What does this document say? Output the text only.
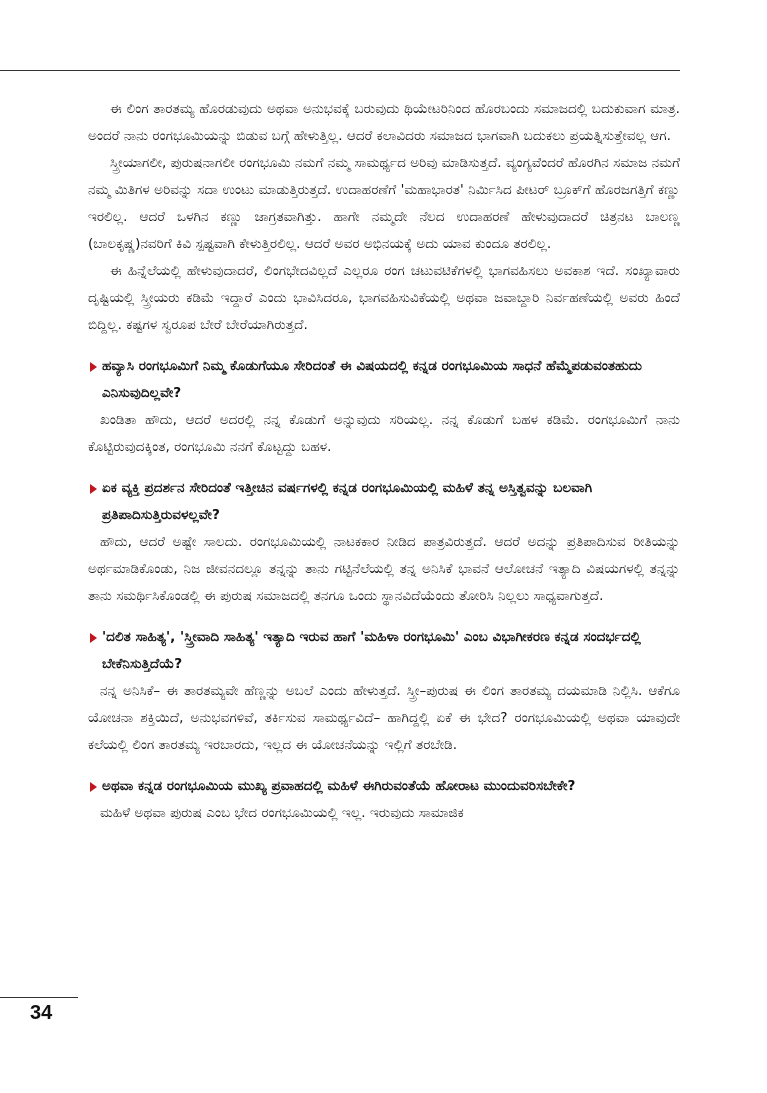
ಈ ಲಿಂಗ ತಾರತಮ್ಯ ಹೊರಡುವುದು ಅಥವಾ ಅನುಭವಕ್ಕೆ ಬರುವುದು ಥಿಯೇಟರಿನಿಂದ ಹೊರಬಂದು ಸಮಾಜದಲ್ಲಿ ಬದುಕುವಾಗ ಮಾತ್ರ. ಅಂದರೆ ನಾನು ರಂಗಭೂಮಿಯನ್ನು ಬಿಡುವ ಬಗ್ಗೆ ಹೇಳುತ್ತಿಲ್ಲ. ಆದರೆ ಕಲಾವಿದರು ಸಮಾಜದ ಭಾಗವಾಗಿ ಬದುಕಲು ಪ್ರಯತ್ನಿಸುತ್ತೇವಲ್ಲ ಆಗ.

ಸ್ತ್ರೀಯಾಗಲೀ, ಪುರುಷನಾಗಲೀ ರಂಗಭೂಮಿ ನಮಗೆ ನಮ್ಮ ಸಾಮರ್ಥ್ಯದ ಅರಿವು ಮಾಡಿಸುತ್ತದೆ. ವ್ಯಂಗ್ಯವೆಂದರೆ ಹೊರಗಿನ ಸಮಾಜ ನಮಗೆ ನಮ್ಮ ಮಿತಿಗಳ ಅರಿವನ್ನು ಸದಾ ಉಂಟು ಮಾಡುತ್ತಿರುತ್ತದೆ. ಉದಾಹರಣೆಗೆ 'ಮಹಾಭಾರತ' ನಿರ್ಮಿಸಿದ ಪೀಟರ್ ಬ್ರೂಕ್‌ಗೆ ಹೊರಜಗತ್ತಿಗೆ ಕಣ್ಣು ಇರಲಿಲ್ಲ. ಆದರೆ ಒಳಗಿನ ಕಣ್ಣು ಜಾಗ್ರತವಾಗಿತ್ತು. ಹಾಗೇ ನಮ್ಮದೇ ನೆಲದ ಉದಾಹರಣೆ ಹೇಳುವುದಾದರೆ ಚಿತ್ರನಟ ಬಾಲಣ್ಣ (ಬಾಲಕೃಷ್ಣ)ನವರಿಗೆ ಕಿವಿ ಸ್ಪಷ್ಟವಾಗಿ ಕೇಳುತ್ತಿರಲಿಲ್ಲ. ಆದರೆ ಅವರ ಅಭಿನಯಕ್ಕೆ ಅದು ಯಾವ ಕುಂದೂ ತರಲಿಲ್ಲ.

ಈ ಹಿನ್ನೆಲೆಯಲ್ಲಿ ಹೇಳುವುದಾದರೆ, ಲಿಂಗಭೇದವಿಲ್ಲದೆ ಎಲ್ಲರೂ ರಂಗ ಚಟುವಟಿಕೆಗಳಲ್ಲಿ ಭಾಗವಹಿಸಲು ಅವಕಾಶ ಇದೆ. ಸಂಖ್ಯಾವಾರು ದೃಷ್ಟಿಯಲ್ಲಿ ಸ್ತ್ರೀಯರು ಕಡಿಮೆ ಇದ್ದಾರೆ ಎಂದು ಭಾವಿಸಿದರೂ, ಭಾಗವಹಿಸುವಿಕೆಯಲ್ಲಿ ಅಥವಾ ಜವಾಬ್ದಾರಿ ನಿರ್ವಹಣೆಯಲ್ಲಿ ಅವರು ಹಿಂದೆ ಬಿದ್ದಿಲ್ಲ. ಕಷ್ಟಗಳ ಸ್ವರೂಪ ಬೇರೆ ಬೇರೆಯಾಗಿರುತ್ತದೆ.

ಹವ್ಯಾಸಿ ರಂಗಭೂಮಿಗೆ ನಿಮ್ಮ ಕೊಡುಗೆಯೂ ಸೇರಿದಂತೆ ಈ ವಿಷಯದಲ್ಲಿ ಕನ್ನಡ ರಂಗಭೂಮಿಯ ಸಾಧನೆ ಹೆಮ್ಮೆಪಡುವಂತಹುದು ಎನಿಸುವುದಿಲ್ಲವೇ?

ಖಂಡಿತಾ ಹೌದು, ಆದರೆ ಅದರಲ್ಲಿ ನನ್ನ ಕೊಡುಗೆ ಅನ್ನುವುದು ಸರಿಯಲ್ಲ. ನನ್ನ ಕೊಡುಗೆ ಬಹಳ ಕಡಿಮೆ. ರಂಗಭೂಮಿಗೆ ನಾನು ಕೊಟ್ಟಿರುವುದಕ್ಕಿಂತ, ರಂಗಭೂಮಿ ನನಗೆ ಕೊಟ್ಟದ್ದು ಬಹಳ.

ಏಕ ವ್ಯಕ್ತಿ ಪ್ರದರ್ಶನ ಸೇರಿದಂತೆ ಇತ್ತೀಚಿನ ವರ್ಷಗಳಲ್ಲಿ ಕನ್ನಡ ರಂಗಭೂಮಿಯಲ್ಲಿ ಮಹಿಳೆ ತನ್ನ ಅಸ್ತಿತ್ವವನ್ನು ಬಲವಾಗಿ ಪ್ರತಿಪಾದಿಸುತ್ತಿರುವಳಲ್ಲವೇ?

ಹೌದು, ಆದರೆ ಅಷ್ಟೇ ಸಾಲದು. ರಂಗಭೂಮಿಯಲ್ಲಿ ನಾಟಕಕಾರ ನೀಡಿದ ಪಾತ್ರವಿರುತ್ತದೆ. ಆದರೆ ಅದನ್ನು ಪ್ರತಿಪಾದಿಸುವ ರೀತಿಯನ್ನು ಅರ್ಥಮಾಡಿಕೊಂಡು, ನಿಜ ಜೀವನದಲ್ಲೂ ತನ್ನನ್ನು ತಾನು ಗಟ್ಟಿನೆಲೆಯಲ್ಲಿ ತನ್ನ ಅನಿಸಿಕೆ ಭಾವನೆ ಆಲೋಚನೆ ಇತ್ಯಾದಿ ವಿಷಯಗಳಲ್ಲಿ ತನ್ನನ್ನು ತಾನು ಸಮರ್ಥಿಸಿಕೊಂಡಲ್ಲಿ ಈ ಪುರುಷ ಸಮಾಜದಲ್ಲಿ ತನಗೂ ಒಂದು ಸ್ಥಾನವಿದೆಯೆಂದು ತೋರಿಸಿ ನಿಲ್ಲಲು ಸಾಧ್ಯವಾಗುತ್ತದೆ.

'ದಲಿತ ಸಾಹಿತ್ಯ', 'ಸ್ತ್ರೀವಾದಿ ಸಾಹಿತ್ಯ' ಇತ್ಯಾದಿ ಇರುವ ಹಾಗೆ 'ಮಹಿಳಾ ರಂಗಭೂಮಿ' ಎಂಬ ವಿಭಾಗೀಕರಣ ಕನ್ನಡ ಸಂದರ್ಭದಲ್ಲಿ ಬೇಕೆನಿಸುತ್ತಿದೆಯೆ?

ನನ್ನ ಅನಿಸಿಕೆ– ಈ ತಾರತಮ್ಯವೇ ಹೆಣ್ಣನ್ನು ಅಬಲೆ ಎಂದು ಹೇಳುತ್ತದೆ. ಸ್ತ್ರೀ–ಪುರುಷ ಈ ಲಿಂಗ ತಾರತಮ್ಯ ದಯಮಾಡಿ ನಿಲ್ಲಿಸಿ. ಆಕೆಗೂ ಯೋಚನಾ ಶಕ್ತಿಯಿದೆ, ಅನುಭವಗಳಿವೆ, ತರ್ಕಿಸುವ ಸಾಮರ್ಥ್ಯವಿದೆ– ಹಾಗಿದ್ದಲ್ಲಿ ಏಕೆ ಈ ಭೇದ? ರಂಗಭೂಮಿಯಲ್ಲಿ ಅಥವಾ ಯಾವುದೇ ಕಲೆಯಲ್ಲಿ ಲಿಂಗ ತಾರತಮ್ಯ ಇರಬಾರದು, ಇಲ್ಲದ ಈ ಯೋಚನೆಯನ್ನು ಇಲ್ಲಿಗೆ ತರಬೇಡಿ.

ಅಥವಾ ಕನ್ನಡ ರಂಗಭೂಮಿಯ ಮುಖ್ಯ ಪ್ರವಾಹದಲ್ಲಿ ಮಹಿಳೆ ಈಗಿರುವಂತೆಯೆ ಹೋರಾಟ ಮುಂದುವರಿಸಬೇಕೇ?

ಮಹಿಳೆ ಅಥವಾ ಪುರುಷ ಎಂಬ ಭೇದ ರಂಗಭೂಮಿಯಲ್ಲಿ ಇಲ್ಲ. ಇರುವುದು ಸಾಮಾಜಿಕ

34
